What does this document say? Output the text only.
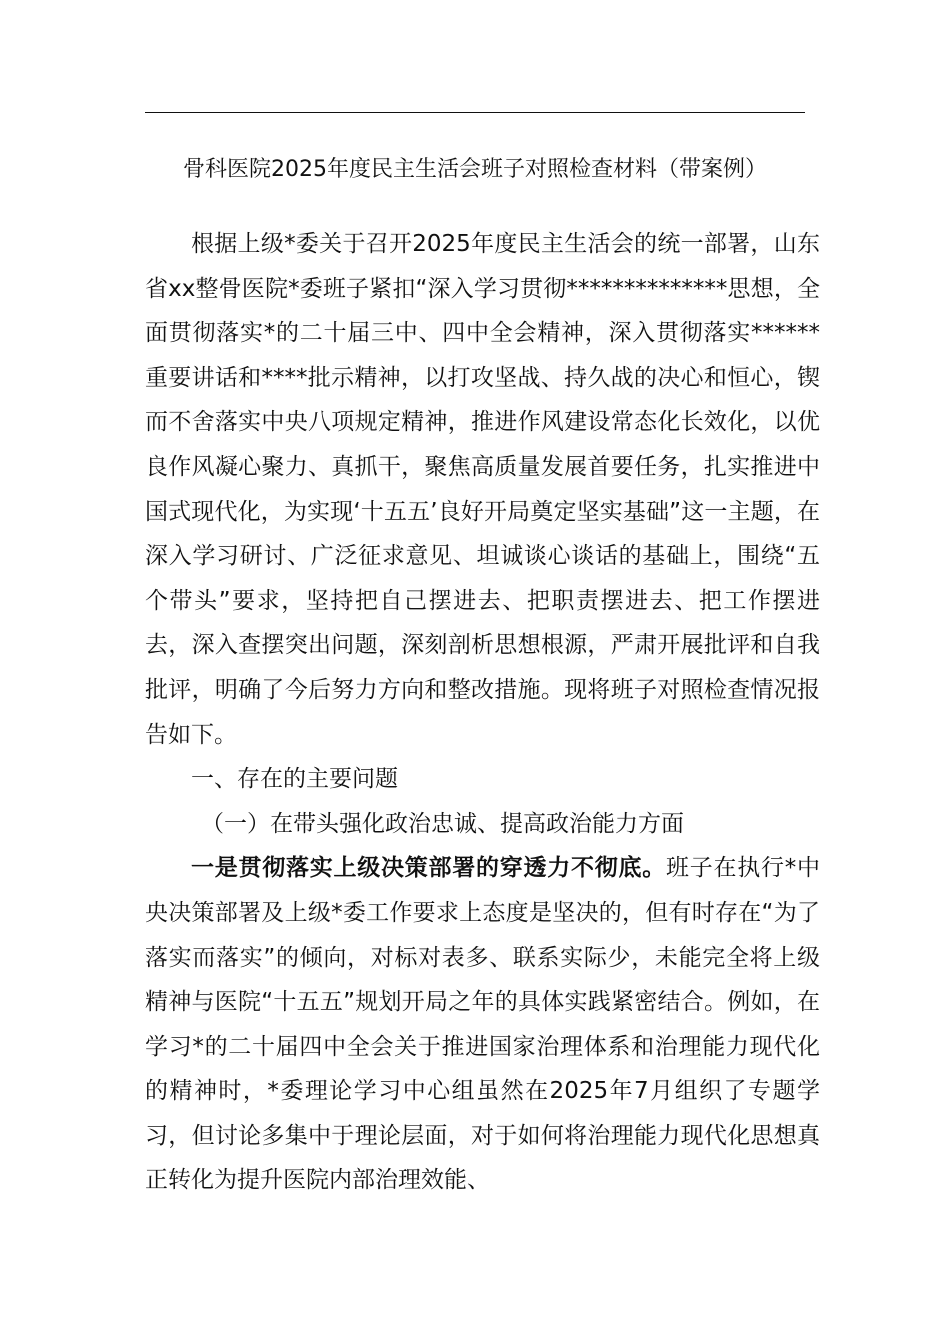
骨科医院2025年度民主生活会班子对照检查材料（带案例）

根据上级*委关于召开2025年度民主生活会的统一部署，山东省xx整骨医院*委班子紧扣“深入学习贯彻**************思想，全面贯彻落实*的二十届三中、四中全会精神，深入贯彻落实******重要讲话和****批示精神，以打攻坚战、持久战的决心和恒心，锲而不舍落实中央八项规定精神，推进作风建设常态化长效化，以优良作风凝心聚力、真抓干，聚焦高质量发展首要任务，扎实推进中国式现代化，为实现‘十五五’良好开局奠定坚实基础”这一主题，在深入学习研讨、广泛征求意见、坦诚谈心谈话的基础上，围绕“五个带头”要求，坚持把自己摆进去、把职责摆进去、把工作摆进去，深入查摆突出问题，深刻剖析思想根源，严肃开展批评和自我批评，明确了今后努力方向和整改措施。现将班子对照检查情况报告如下。

一、存在的主要问题

（一）在带头强化政治忠诚、提高政治能力方面

一是贯彻落实上级决策部署的穿透力不彻底。班子在执行*中央决策部署及上级*委工作要求上态度是坚决的，但有时存在“为了落实而落实”的倾向，对标对表多、联系实际少，未能完全将上级精神与医院“十五五”规划开局之年的具体实践紧密结合。例如，在学习*的二十届四中全会关于推进国家治理体系和治理能力现代化的精神时，*委理论学习中心组虽然在2025年7月组织了专题学习，但讨论多集中于理论层面，对于如何将治理能力现代化思想真正转化为提升医院内部治理效能、
